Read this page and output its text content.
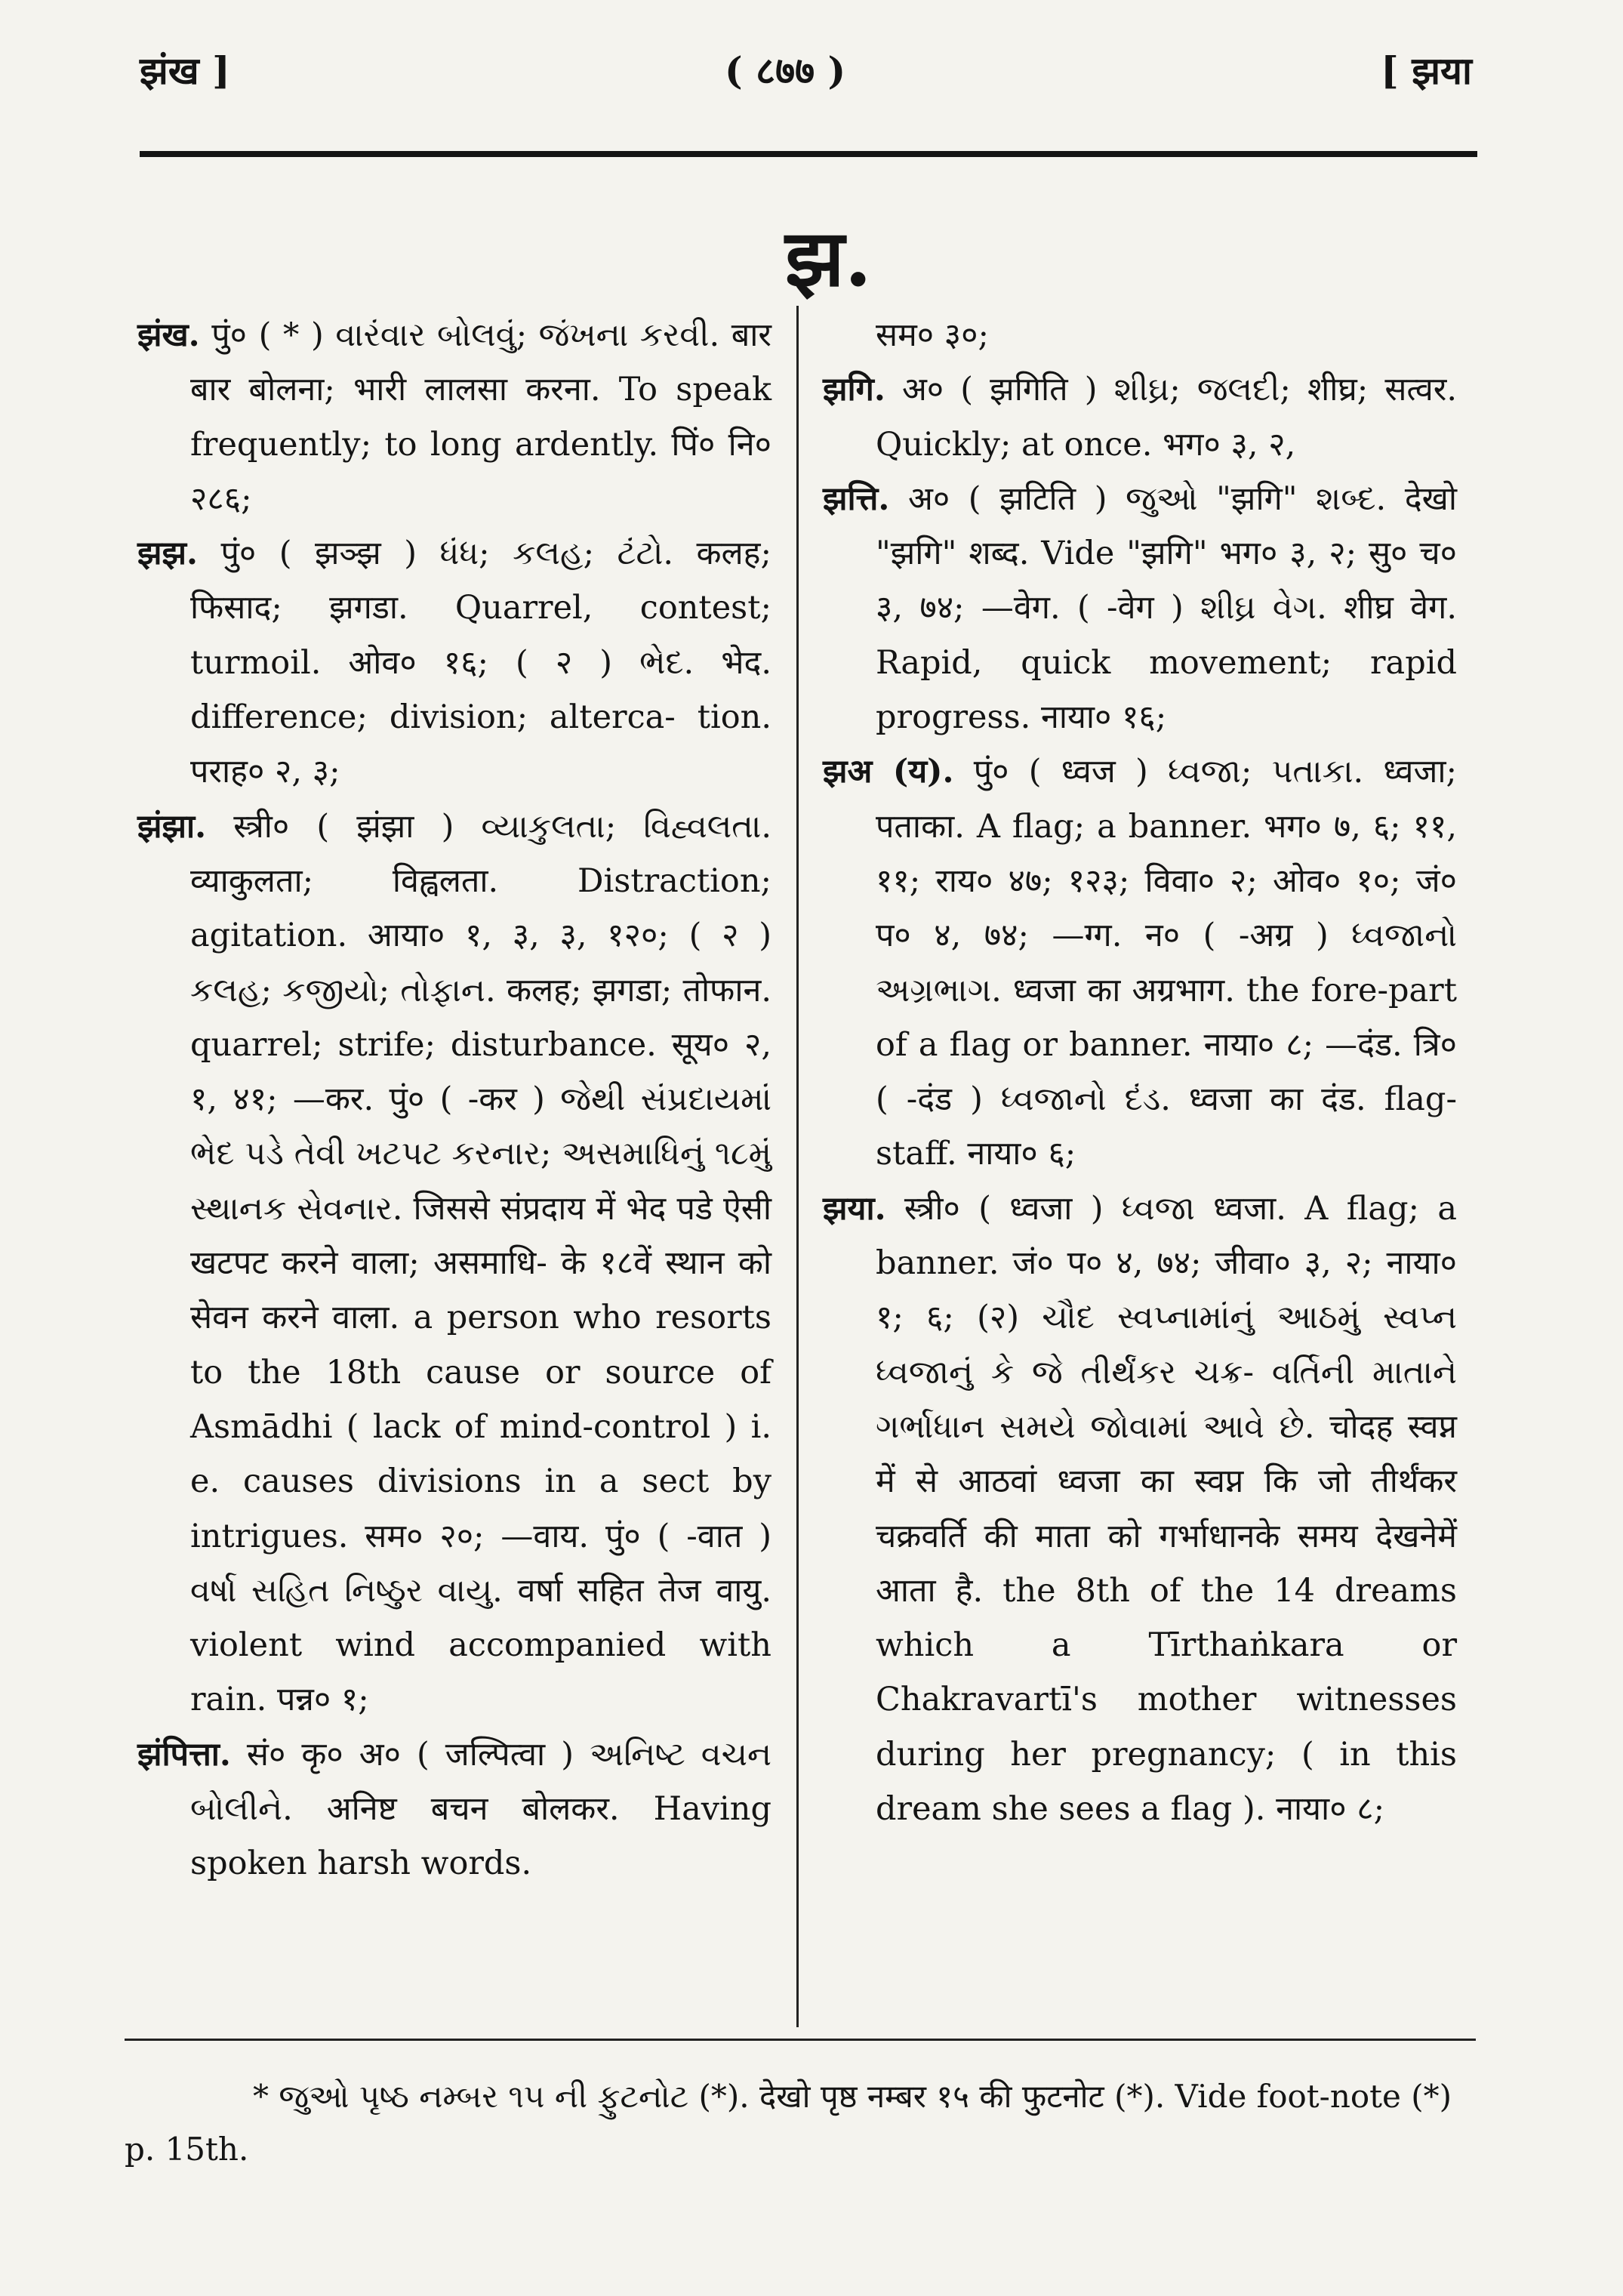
झंख ]	( ८७७ )	[ झया
झ.

झंख. पुं० ( * ) વારંવાર બોલવું; જંખના કરવી. बार बार बोलना; भारी लालसा करना. To speak frequently; to long ardently. पिं० नि० २८६;

झझ. पुं० ( झञ्झ ) ધંધ; કલહ; ટંટો. कलह; फिसाद; झगडा. Quarrel, contest; turmoil. ओव० १६; ( २ ) ભેદ. भेद. difference; division; alterca- tion. पराह० २, ३;

झंझा. स्त्री० ( झंझा ) વ્યાકુલતા; વિહ્વલતા. व्याकुलता; विह्वलता. Distraction; agitation. आया० १, ३, ३, १२०; ( २ ) કલહ; કજીયો; તોફાન. कलह; झगडा; तोफान. quarrel; strife; disturbance. सूय० २, १, ४१; —कर. पुं० ( -कर ) જેથી સંપ્રદાયમાં ભેદ પડે તેવી ખટપટ કરનાર; અસમાધિનું ૧૮મું સ્થાનક સેવનાર. जिससे संप्रदाय में भेद पडे ऐसी खटपट करने वाला; असमाधि- के १८वें स्थान को सेवन करने वाला. a person who resorts to the 18th cause or source of Asmādhi ( lack of mind-control ) i. e. causes divisions in a sect by intrigues. सम० २०; —वाय. पुं० ( -वात ) વર્ષા સહિત નિષ્ઠુર વાયુ. वर्षा सहित तेज वायु. violent wind accompanied with rain. पन्न० १;

झंपित्ता. सं० कृ० अ० ( जल्पित्वा ) અનિષ્ટ વચન બોલીને. अनिष्ट बचन बोलकर. Having spoken harsh words.

सम० ३०;

झगि. अ० ( झगिति ) શીઘ્ર; જલદી; शीघ्र; सत्वर. Quickly; at once. भग० ३, २,

झत्ति. अ० ( झटिति ) જુઓ "झगि" શબ્દ. देखो "झगि" शब्द. Vide "झगि" भग० ३, २; सु० च० ३, ७४; —वेग. ( -वेग ) શીઘ્ર વેગ. शीघ्र वेग. Rapid, quick movement; rapid progress. नाया० १६;

झअ (य). पुं० ( ध्वज ) ધ્વજા; પતાકા. ध्वजा; पताका. A flag; a banner. भग० ७, ६; ११, ११; राय० ४७; १२३; विवा० २; ओव० १०; जं० प० ४, ७४; —ग्ग. न० ( -अग्र ) ધ્વજાનો અગ્રભાગ. ध्वजा का अग्रभाग. the fore-part of a flag or banner. नाया० ८; —दंड. त्रि० ( -दंड ) ધ્વજાનો દંડ. ध्वजा का दंड. flag-staff. नाया० ६;

झया. स्त्री० ( ध्वजा ) ધ્વજા ध्वजा. A flag; a banner. जं० प० ४, ७४; जीवा० ३, २; नाया० १; ६; (२) ચૌદ સ્વપ્નામાંનું આઠમું સ્વપ્ન ધ્વજાનું કે જે તીર્થંકર ચક્ર- વર્તિની માતાને ગર્ભાધાન સમયે જોવામાં આવે છે. चोदह स्वप्न में से आठवां ध्वजा का स्वप्न कि जो तीर्थंकर चक्रवर्ति की माता को गर्भाधानके समय देखनेमें आता है. the 8th of the 14 dreams which a Tīrthaṅkara or Chakravartī's mother witnesses during her pregnancy; ( in this dream she sees a flag ). नाया० ८;

* જુઓ પૃષ્ઠ નમ્બર ૧૫ ની ફુટનોટ (*). देखो पृष्ठ नम्बर १५ की फुटनोट (*). Vide foot-note (*) p. 15th.
